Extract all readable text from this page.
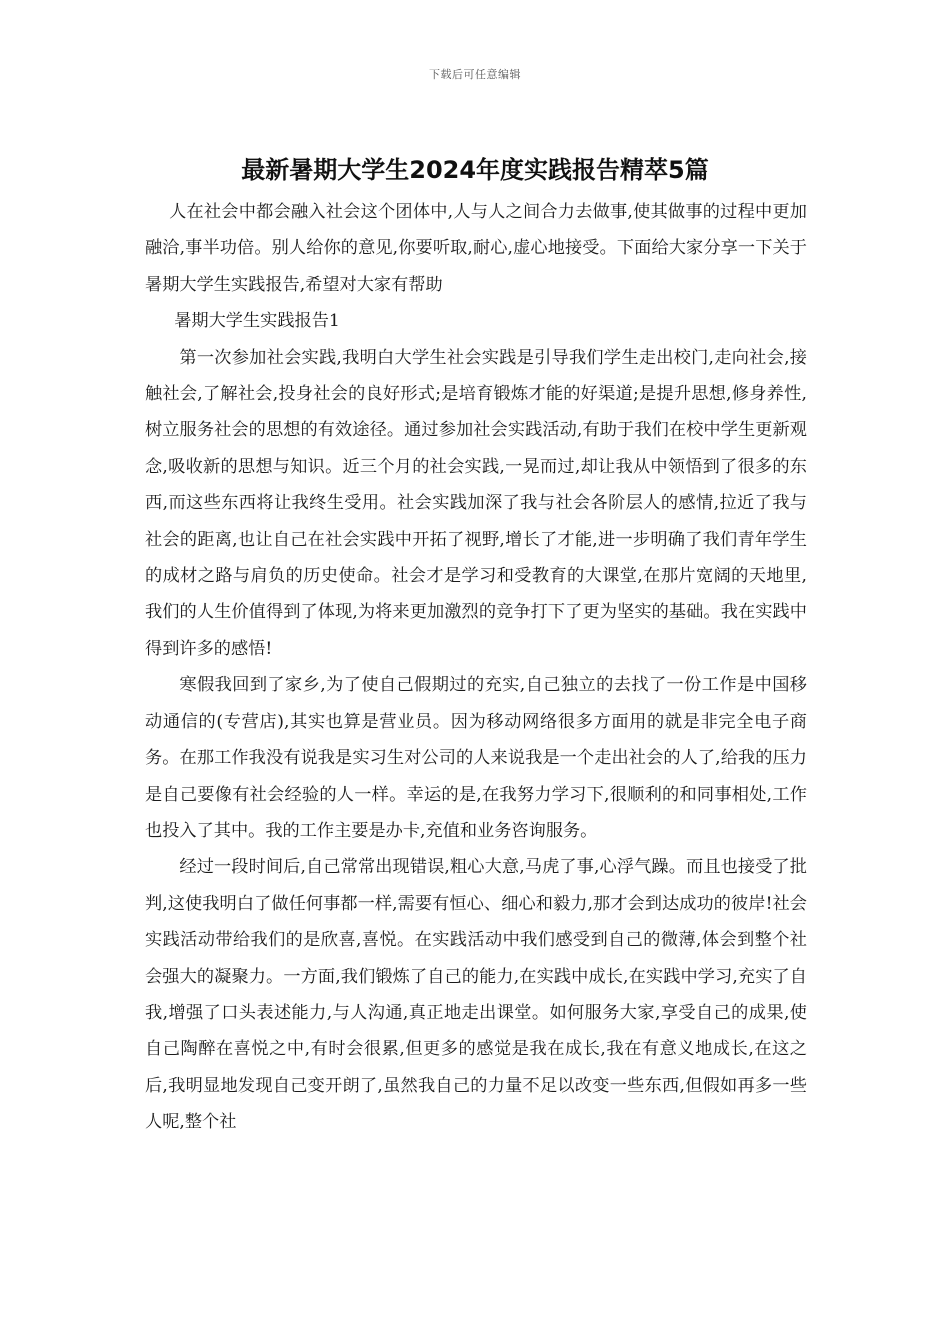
下载后可任意编辑
最新暑期大学生2024年度实践报告精萃5篇

人在社会中都会融入社会这个团体中,人与人之间合力去做事,使其做事的过程中更加融洽,事半功倍。别人给你的意见,你要听取,耐心,虚心地接受。下面给大家分享一下关于暑期大学生实践报告,希望对大家有帮助

暑期大学生实践报告1

第一次参加社会实践,我明白大学生社会实践是引导我们学生走出校门,走向社会,接触社会,了解社会,投身社会的良好形式;是培育锻炼才能的好渠道;是提升思想,修身养性,树立服务社会的思想的有效途径。通过参加社会实践活动,有助于我们在校中学生更新观念,吸收新的思想与知识。近三个月的社会实践,一晃而过,却让我从中领悟到了很多的东西,而这些东西将让我终生受用。社会实践加深了我与社会各阶层人的感情,拉近了我与社会的距离,也让自己在社会实践中开拓了视野,增长了才能,进一步明确了我们青年学生的成材之路与肩负的历史使命。社会才是学习和受教育的大课堂,在那片宽阔的天地里,我们的人生价值得到了体现,为将来更加激烈的竞争打下了更为坚实的基础。我在实践中得到许多的感悟!

寒假我回到了家乡,为了使自己假期过的充实,自己独立的去找了一份工作是中国移动通信的(专营店),其实也算是营业员。因为移动网络很多方面用的就是非完全电子商务。在那工作我没有说我是实习生对公司的人来说我是一个走出社会的人了,给我的压力是自己要像有社会经验的人一样。幸运的是,在我努力学习下,很顺利的和同事相处,工作也投入了其中。我的工作主要是办卡,充值和业务咨询服务。

经过一段时间后,自己常常出现错误,粗心大意,马虎了事,心浮气躁。而且也接受了批判,这使我明白了做任何事都一样,需要有恒心、细心和毅力,那才会到达成功的彼岸!社会实践活动带给我们的是欣喜,喜悦。在实践活动中我们感受到自己的微薄,体会到整个社会强大的凝聚力。一方面,我们锻炼了自己的能力,在实践中成长,在实践中学习,充实了自我,增强了口头表述能力,与人沟通,真正地走出课堂。如何服务大家,享受自己的成果,使自己陶醉在喜悦之中,有时会很累,但更多的感觉是我在成长,我在有意义地成长,在这之后,我明显地发现自己变开朗了,虽然我自己的力量不足以改变一些东西,但假如再多一些人呢,整个社
